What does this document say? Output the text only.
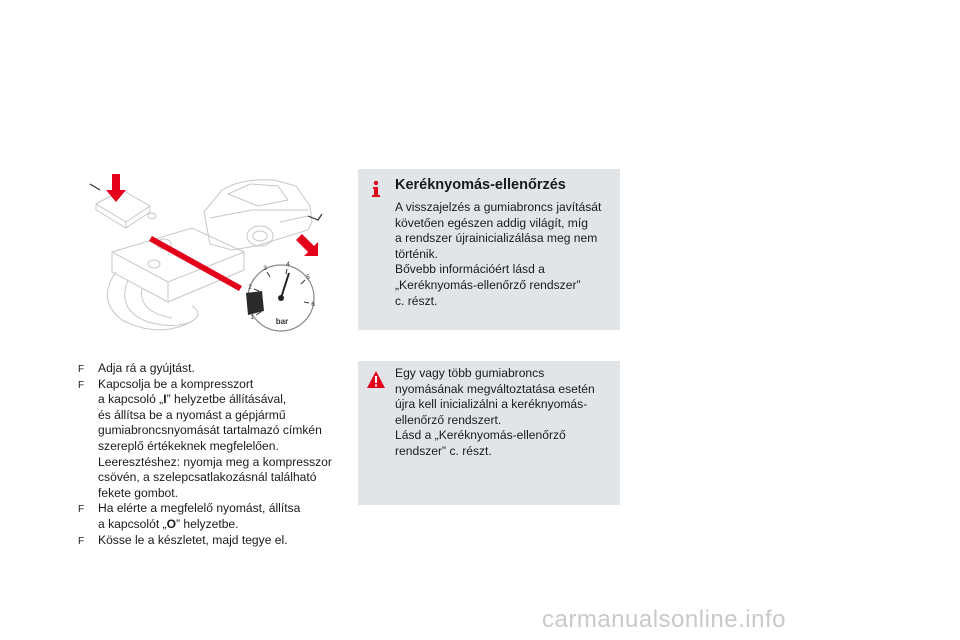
1
2
3
4
5
6
bar
F Adja rá a gyújtást.
F Kapcsolja be a kompresszort
a kapcsoló „I” helyzetbe állításával,
és állítsa be a nyomást a gépjármű
gumiabroncsnyomását tartalmazó címkén
szereplő értékeknek megfelelően.
Leeresztéshez: nyomja meg a kompresszor
csövén, a szelepcsatlakozásnál található
fekete gombot.
F Ha elérte a megfelelő nyomást, állítsa
a kapcsolót „O” helyzetbe.
F Kösse le a készletet, majd tegye el.
Keréknyomás-ellenőrzés
A visszajelzés a gumiabroncs javítását
követően egészen addig világít, míg
a rendszer újrainicializálása meg nem
történik.
Bővebb információért lásd a
„Keréknyomás-ellenőrző rendszer”
c. részt.
Egy vagy több gumiabroncs
nyomásának megváltoztatása esetén
újra kell inicializálni a keréknyomás-
ellenőrző rendszert.
Lásd a „Keréknyomás-ellenőrző
rendszer” c. részt.
carmanualsonline.info
